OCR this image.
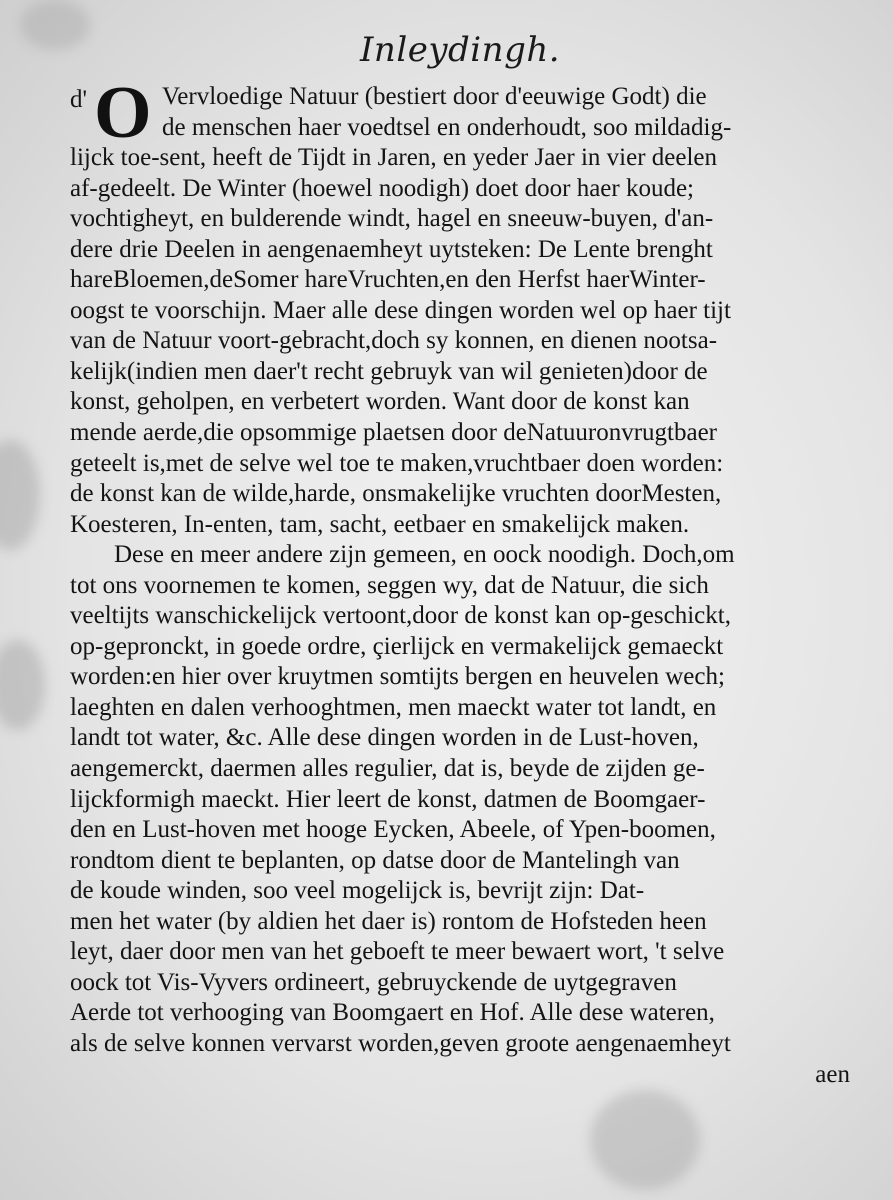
Inleydingh.
d' O Vervloedige Natuur (bestiert door d'eeuwige Godt) die
de menschen haer voedtsel en onderhoudt, soo mildadig-
lijck toe-sent, heeft de Tijdt in Jaren, en yeder Jaer in vier deelen
af-gedeelt. De Winter (hoewel noodigh) doet door haer koude;
vochtigheyt, en bulderende windt, hagel en sneeuw-buyen, d'an-
dere drie Deelen in aengenaemheyt uytsteken: De Lente brenght
hareBloemen,deSomer hareVruchten,en den Herfst haerWinter-
oogst te voorschijn. Maer alle dese dingen worden wel op haer tijt
van de Natuur voort-gebracht,doch sy konnen, en dienen nootsa-
kelijk(indien men daer't recht gebruyk van wil genieten)door de
konst, geholpen, en verbetert worden. Want door de konst kan
mende aerde,die opsommige plaetsen door deNatuuronvrugtbaer
geteelt is,met de selve wel toe te maken,vruchtbaer doen worden:
de konst kan de wilde,harde, onsmakelijke vruchten doorMesten,
Koesteren, In-enten, tam, sacht, eetbaer en smakelijck maken.
Dese en meer andere zijn gemeen, en oock noodigh. Doch,om
tot ons voornemen te komen, seggen wy, dat de Natuur, die sich
veeltijts wanschickelijck vertoont,door de konst kan op-geschickt,
op-gepronckt, in goede ordre, çierlijck en vermakelijck gemaeckt
worden:en hier over kruytmen somtijts bergen en heuvelen wech;
laeghten en dalen verhooghtmen, men maeckt water tot landt, en
landt tot water, &c. Alle dese dingen worden in de Lust-hoven,
aengemerckt, daermen alles regulier, dat is, beyde de zijden ge-
lijckformigh maeckt. Hier leert de konst, datmen de Boomgaer-
den en Lust-hoven met hooge Eycken, Abeele, of Ypen-boomen,
rondtom dient te beplanten, op datse door de Mantelingh van
de koude winden, soo veel mogelijck is, bevrijt zijn: Dat-
men het water (by aldien het daer is) rontom de Hofsteden heen
leyt, daer door men van het geboeft te meer bewaert wort, 't selve
oock tot Vis-Vyvers ordineert, gebruyckende de uytgegraven
Aerde tot verhooging van Boomgaert en Hof. Alle dese wateren,
als de selve konnen vervarst worden,geven groote aengenaemheyt
aen
